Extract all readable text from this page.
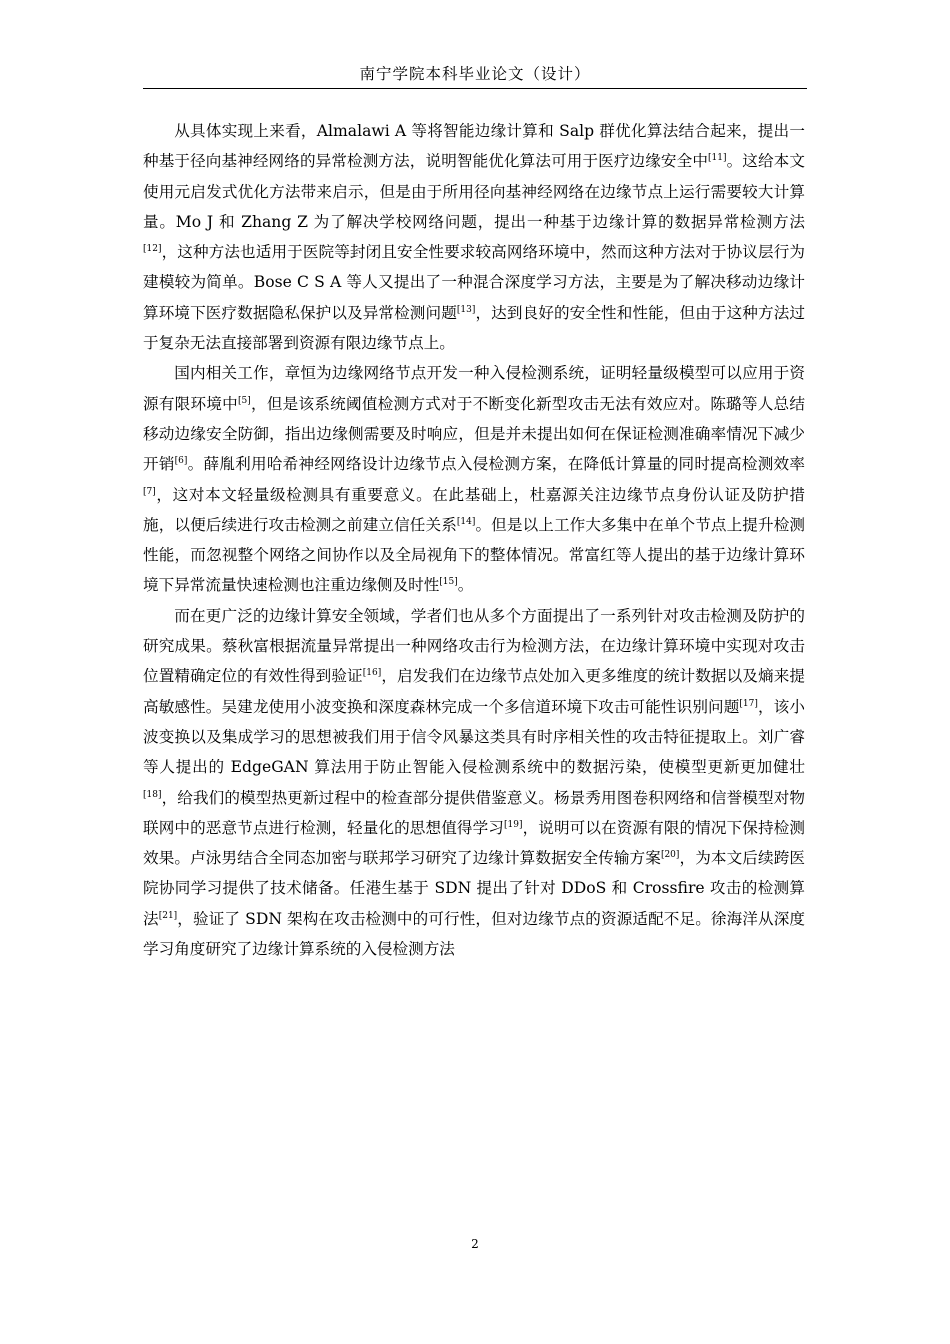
南宁学院本科毕业论文（设计）

从具体实现上来看，Almalawi A 等将智能边缘计算和 Salp 群优化算法结合起来，提出一种基于径向基神经网络的异常检测方法，说明智能优化算法可用于医疗边缘安全中[11]。这给本文使用元启发式优化方法带来启示，但是由于所用径向基神经网络在边缘节点上运行需要较大计算量。Mo J 和 Zhang Z 为了解决学校网络问题，提出一种基于边缘计算的数据异常检测方法[12]，这种方法也适用于医院等封闭且安全性要求较高网络环境中，然而这种方法对于协议层行为建模较为简单。Bose C S A 等人又提出了一种混合深度学习方法，主要是为了解决移动边缘计算环境下医疗数据隐私保护以及异常检测问题[13]，达到良好的安全性和性能，但由于这种方法过于复杂无法直接部署到资源有限边缘节点上。

国内相关工作，章恒为边缘网络节点开发一种入侵检测系统，证明轻量级模型可以应用于资源有限环境中[5]，但是该系统阈值检测方式对于不断变化新型攻击无法有效应对。陈璐等人总结移动边缘安全防御，指出边缘侧需要及时响应，但是并未提出如何在保证检测准确率情况下减少开销[6]。薛胤利用哈希神经网络设计边缘节点入侵检测方案，在降低计算量的同时提高检测效率[7]，这对本文轻量级检测具有重要意义。在此基础上，杜嘉源关注边缘节点身份认证及防护措施，以便后续进行攻击检测之前建立信任关系[14]。但是以上工作大多集中在单个节点上提升检测性能，而忽视整个网络之间协作以及全局视角下的整体情况。常富红等人提出的基于边缘计算环境下异常流量快速检测也注重边缘侧及时性[15]。

而在更广泛的边缘计算安全领域，学者们也从多个方面提出了一系列针对攻击检测及防护的研究成果。蔡秋富根据流量异常提出一种网络攻击行为检测方法，在边缘计算环境中实现对攻击位置精确定位的有效性得到验证[16]，启发我们在边缘节点处加入更多维度的统计数据以及熵来提高敏感性。吴建龙使用小波变换和深度森林完成一个多信道环境下攻击可能性识别问题[17]，该小波变换以及集成学习的思想被我们用于信令风暴这类具有时序相关性的攻击特征提取上。刘广睿等人提出的 EdgeGAN 算法用于防止智能入侵检测系统中的数据污染，使模型更新更加健壮[18]，给我们的模型热更新过程中的检查部分提供借鉴意义。杨景秀用图卷积网络和信誉模型对物联网中的恶意节点进行检测，轻量化的思想值得学习[19]，说明可以在资源有限的情况下保持检测效果。卢泳男结合全同态加密与联邦学习研究了边缘计算数据安全传输方案[20]，为本文后续跨医院协同学习提供了技术储备。任港生基于 SDN 提出了针对 DDoS 和 Crossfire 攻击的检测算法[21]，验证了 SDN 架构在攻击检测中的可行性，但对边缘节点的资源适配不足。徐海洋从深度学习角度研究了边缘计算系统的入侵检测方法

2
